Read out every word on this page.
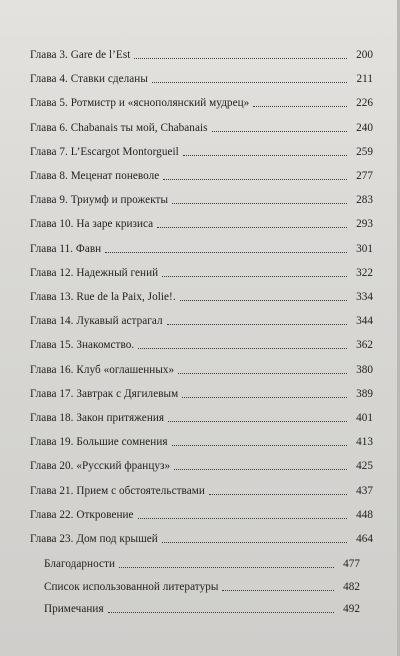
Глава 3. Gare de l’Est	200
Глава 4. Ставки сделаны	211
Глава 5. Ротмистр и «яснополянский мудрец»	226
Глава 6. Chabanais ты мой, Chabanais	240
Глава 7. L’Escargot Montorgueil	259
Глава 8. Меценат поневоле	277
Глава 9. Триумф и прожекты	283
Глава 10. На заре кризиса	293
Глава 11. Фавн	301
Глава 12. Надежный гений	322
Глава 13. Rue de la Paix, Jolie!.	334
Глава 14. Лукавый астрагал	344
Глава 15. Знакомство.	362
Глава 16. Клуб «оглашенных»	380
Глава 17. Завтрак с Дягилевым	389
Глава 18. Закон притяжения	401
Глава 19. Большие сомнения	413
Глава 20. «Русский француз»	425
Глава 21. Прием с обстоятельствами	437
Глава 22. Откровение	448
Глава 23. Дом под крышей	464
Благодарности	477
Список использованной литературы	482
Примечания	492
